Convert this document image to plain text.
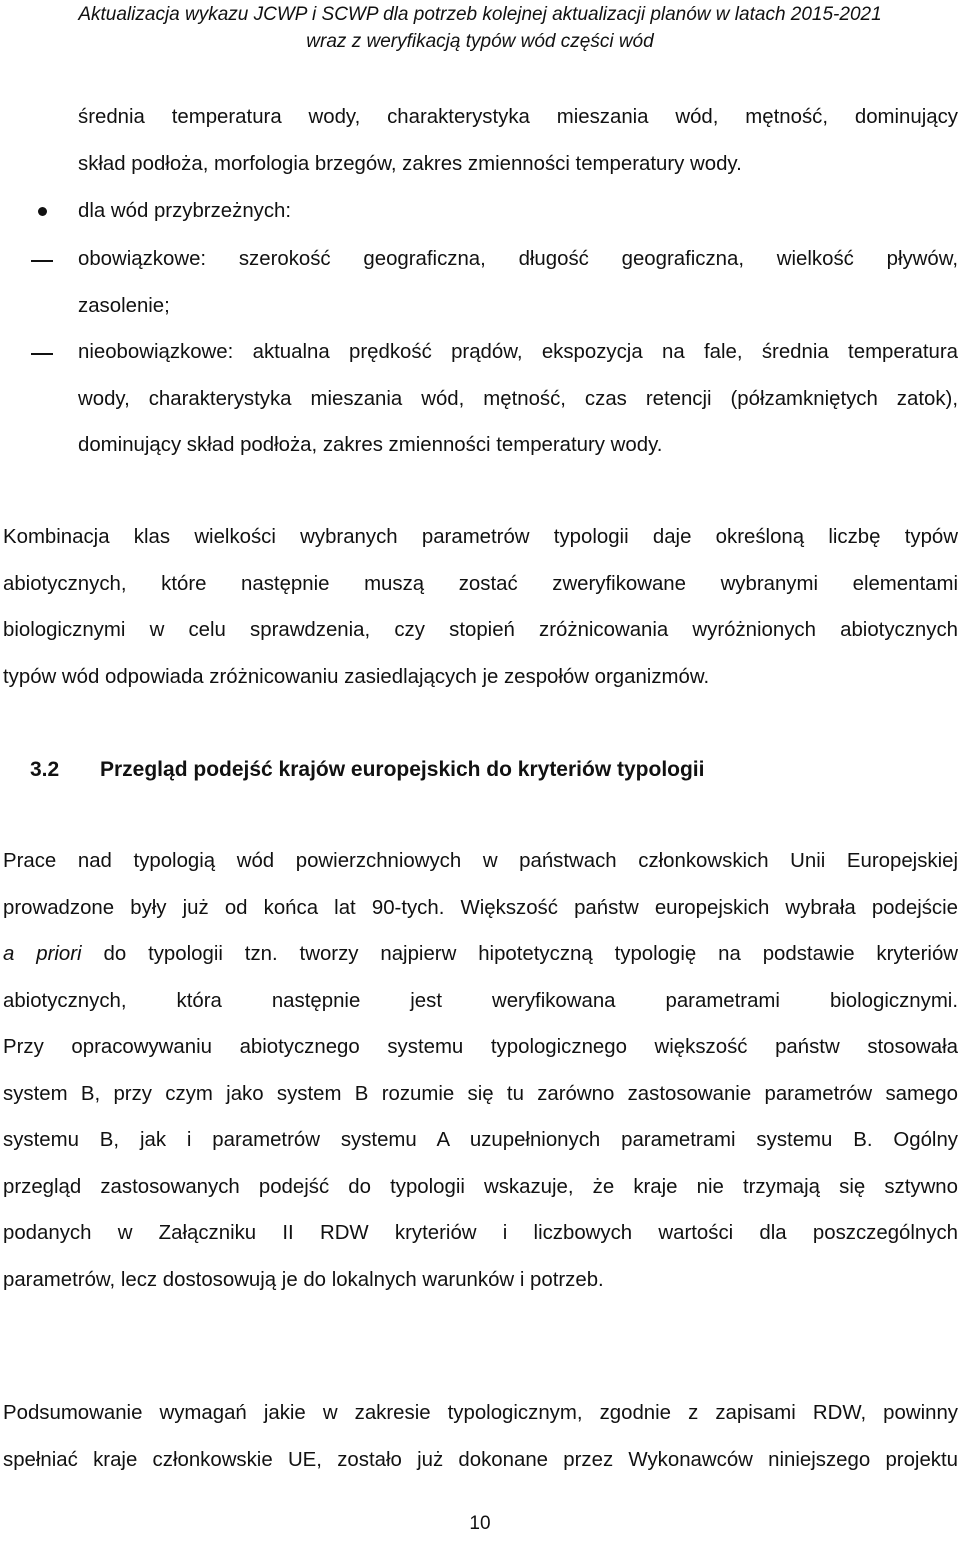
Aktualizacja wykazu JCWP i SCWP dla potrzeb kolejnej aktualizacji planów w latach 2015-2021
wraz z weryfikacją typów wód części wód
średnia temperatura wody, charakterystyka mieszania wód, mętność, dominujący
skład podłoża, morfologia brzegów, zakres zmienności temperatury wody.
dla wód przybrzeżnych:
obowiązkowe: szerokość geograficzna, długość geograficzna, wielkość pływów,
zasolenie;
nieobowiązkowe: aktualna prędkość prądów, ekspozycja na fale, średnia temperatura
wody, charakterystyka mieszania wód, mętność, czas retencji (półzamkniętych zatok),
dominujący skład podłoża, zakres zmienności temperatury wody.
Kombinacja klas wielkości wybranych parametrów typologii daje określoną liczbę typów
abiotycznych, które następnie muszą zostać zweryfikowane wybranymi elementami
biologicznymi w celu sprawdzenia, czy stopień zróżnicowania wyróżnionych abiotycznych
typów wód odpowiada zróżnicowaniu zasiedlających je zespołów organizmów.
3.2 Przegląd podejść krajów europejskich do kryteriów typologii
Prace nad typologią wód powierzchniowych w państwach członkowskich Unii Europejskiej
prowadzone były już od końca lat 90-tych. Większość państw europejskich wybrała podejście
a priori do typologii tzn. tworzy najpierw hipotetyczną typologię na podstawie kryteriów
abiotycznych, która następnie jest weryfikowana parametrami biologicznymi.
Przy opracowywaniu abiotycznego systemu typologicznego większość państw stosowała
system B, przy czym jako system B rozumie się tu zarówno zastosowanie parametrów samego
systemu B, jak i parametrów systemu A uzupełnionych parametrami systemu B. Ogólny
przegląd zastosowanych podejść do typologii wskazuje, że kraje nie trzymają się sztywno
podanych w Załączniku II RDW kryteriów i liczbowych wartości dla poszczególnych
parametrów, lecz dostosowują je do lokalnych warunków i potrzeb.
Podsumowanie wymagań jakie w zakresie typologicznym, zgodnie z zapisami RDW, powinny
spełniać kraje członkowskie UE, zostało już dokonane przez Wykonawców niniejszego projektu
10
